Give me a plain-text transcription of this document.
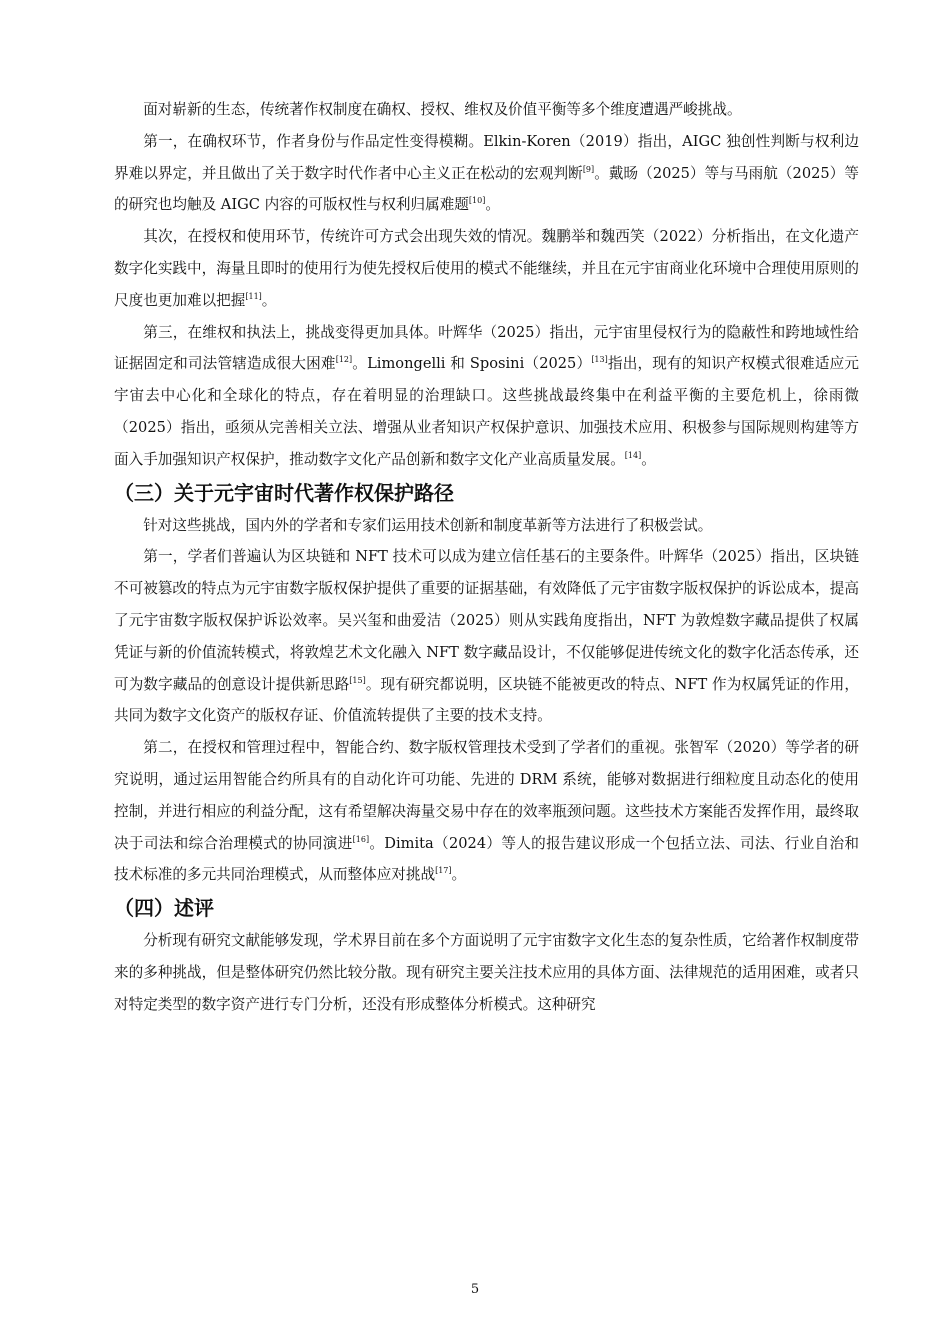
面对崭新的生态，传统著作权制度在确权、授权、维权及价值平衡等多个维度遭遇严峻挑战。

第一，在确权环节，作者身份与作品定性变得模糊。Elkin-Koren（2019）指出，AIGC 独创性判断与权利边界难以界定，并且做出了关于数字时代作者中心主义正在松动的宏观判断[9]。戴旸（2025）等与马雨航（2025）等的研究也均触及 AIGC 内容的可版权性与权利归属难题[10]。

其次，在授权和使用环节，传统许可方式会出现失效的情况。魏鹏举和魏西笑（2022）分析指出，在文化遗产数字化实践中，海量且即时的使用行为使先授权后使用的模式不能继续，并且在元宇宙商业化环境中合理使用原则的尺度也更加难以把握[11]。

第三，在维权和执法上，挑战变得更加具体。叶辉华（2025）指出，元宇宙里侵权行为的隐蔽性和跨地域性给证据固定和司法管辖造成很大困难[12]。Limongelli 和 Sposini（2025）[13]指出，现有的知识产权模式很难适应元宇宙去中心化和全球化的特点，存在着明显的治理缺口。这些挑战最终集中在利益平衡的主要危机上，徐雨微（2025）指出，亟须从完善相关立法、增强从业者知识产权保护意识、加强技术应用、积极参与国际规则构建等方面入手加强知识产权保护，推动数字文化产品创新和数字文化产业高质量发展。[14]。

（三）关于元宇宙时代著作权保护路径

针对这些挑战，国内外的学者和专家们运用技术创新和制度革新等方法进行了积极尝试。

第一，学者们普遍认为区块链和 NFT 技术可以成为建立信任基石的主要条件。叶辉华（2025）指出，区块链不可被篡改的特点为元宇宙数字版权保护提供了重要的证据基础，有效降低了元宇宙数字版权保护的诉讼成本，提高了元宇宙数字版权保护诉讼效率。吴兴玺和曲爱洁（2025）则从实践角度指出，NFT 为敦煌数字藏品提供了权属凭证与新的价值流转模式，将敦煌艺术文化融入 NFT 数字藏品设计，不仅能够促进传统文化的数字化活态传承，还可为数字藏品的创意设计提供新思路[15]。现有研究都说明，区块链不能被更改的特点、NFT 作为权属凭证的作用，共同为数字文化资产的版权存证、价值流转提供了主要的技术支持。

第二，在授权和管理过程中，智能合约、数字版权管理技术受到了学者们的重视。张智军（2020）等学者的研究说明，通过运用智能合约所具有的自动化许可功能、先进的 DRM 系统，能够对数据进行细粒度且动态化的使用控制，并进行相应的利益分配，这有希望解决海量交易中存在的效率瓶颈问题。这些技术方案能否发挥作用，最终取决于司法和综合治理模式的协同演进[16]。Dimita（2024）等人的报告建议形成一个包括立法、司法、行业自治和技术标准的多元共同治理模式，从而整体应对挑战[17]。

（四）述评

分析现有研究文献能够发现，学术界目前在多个方面说明了元宇宙数字文化生态的复杂性质，它给著作权制度带来的多种挑战，但是整体研究仍然比较分散。现有研究主要关注技术应用的具体方面、法律规范的适用困难，或者只对特定类型的数字资产进行专门分析，还没有形成整体分析模式。这种研究

5
